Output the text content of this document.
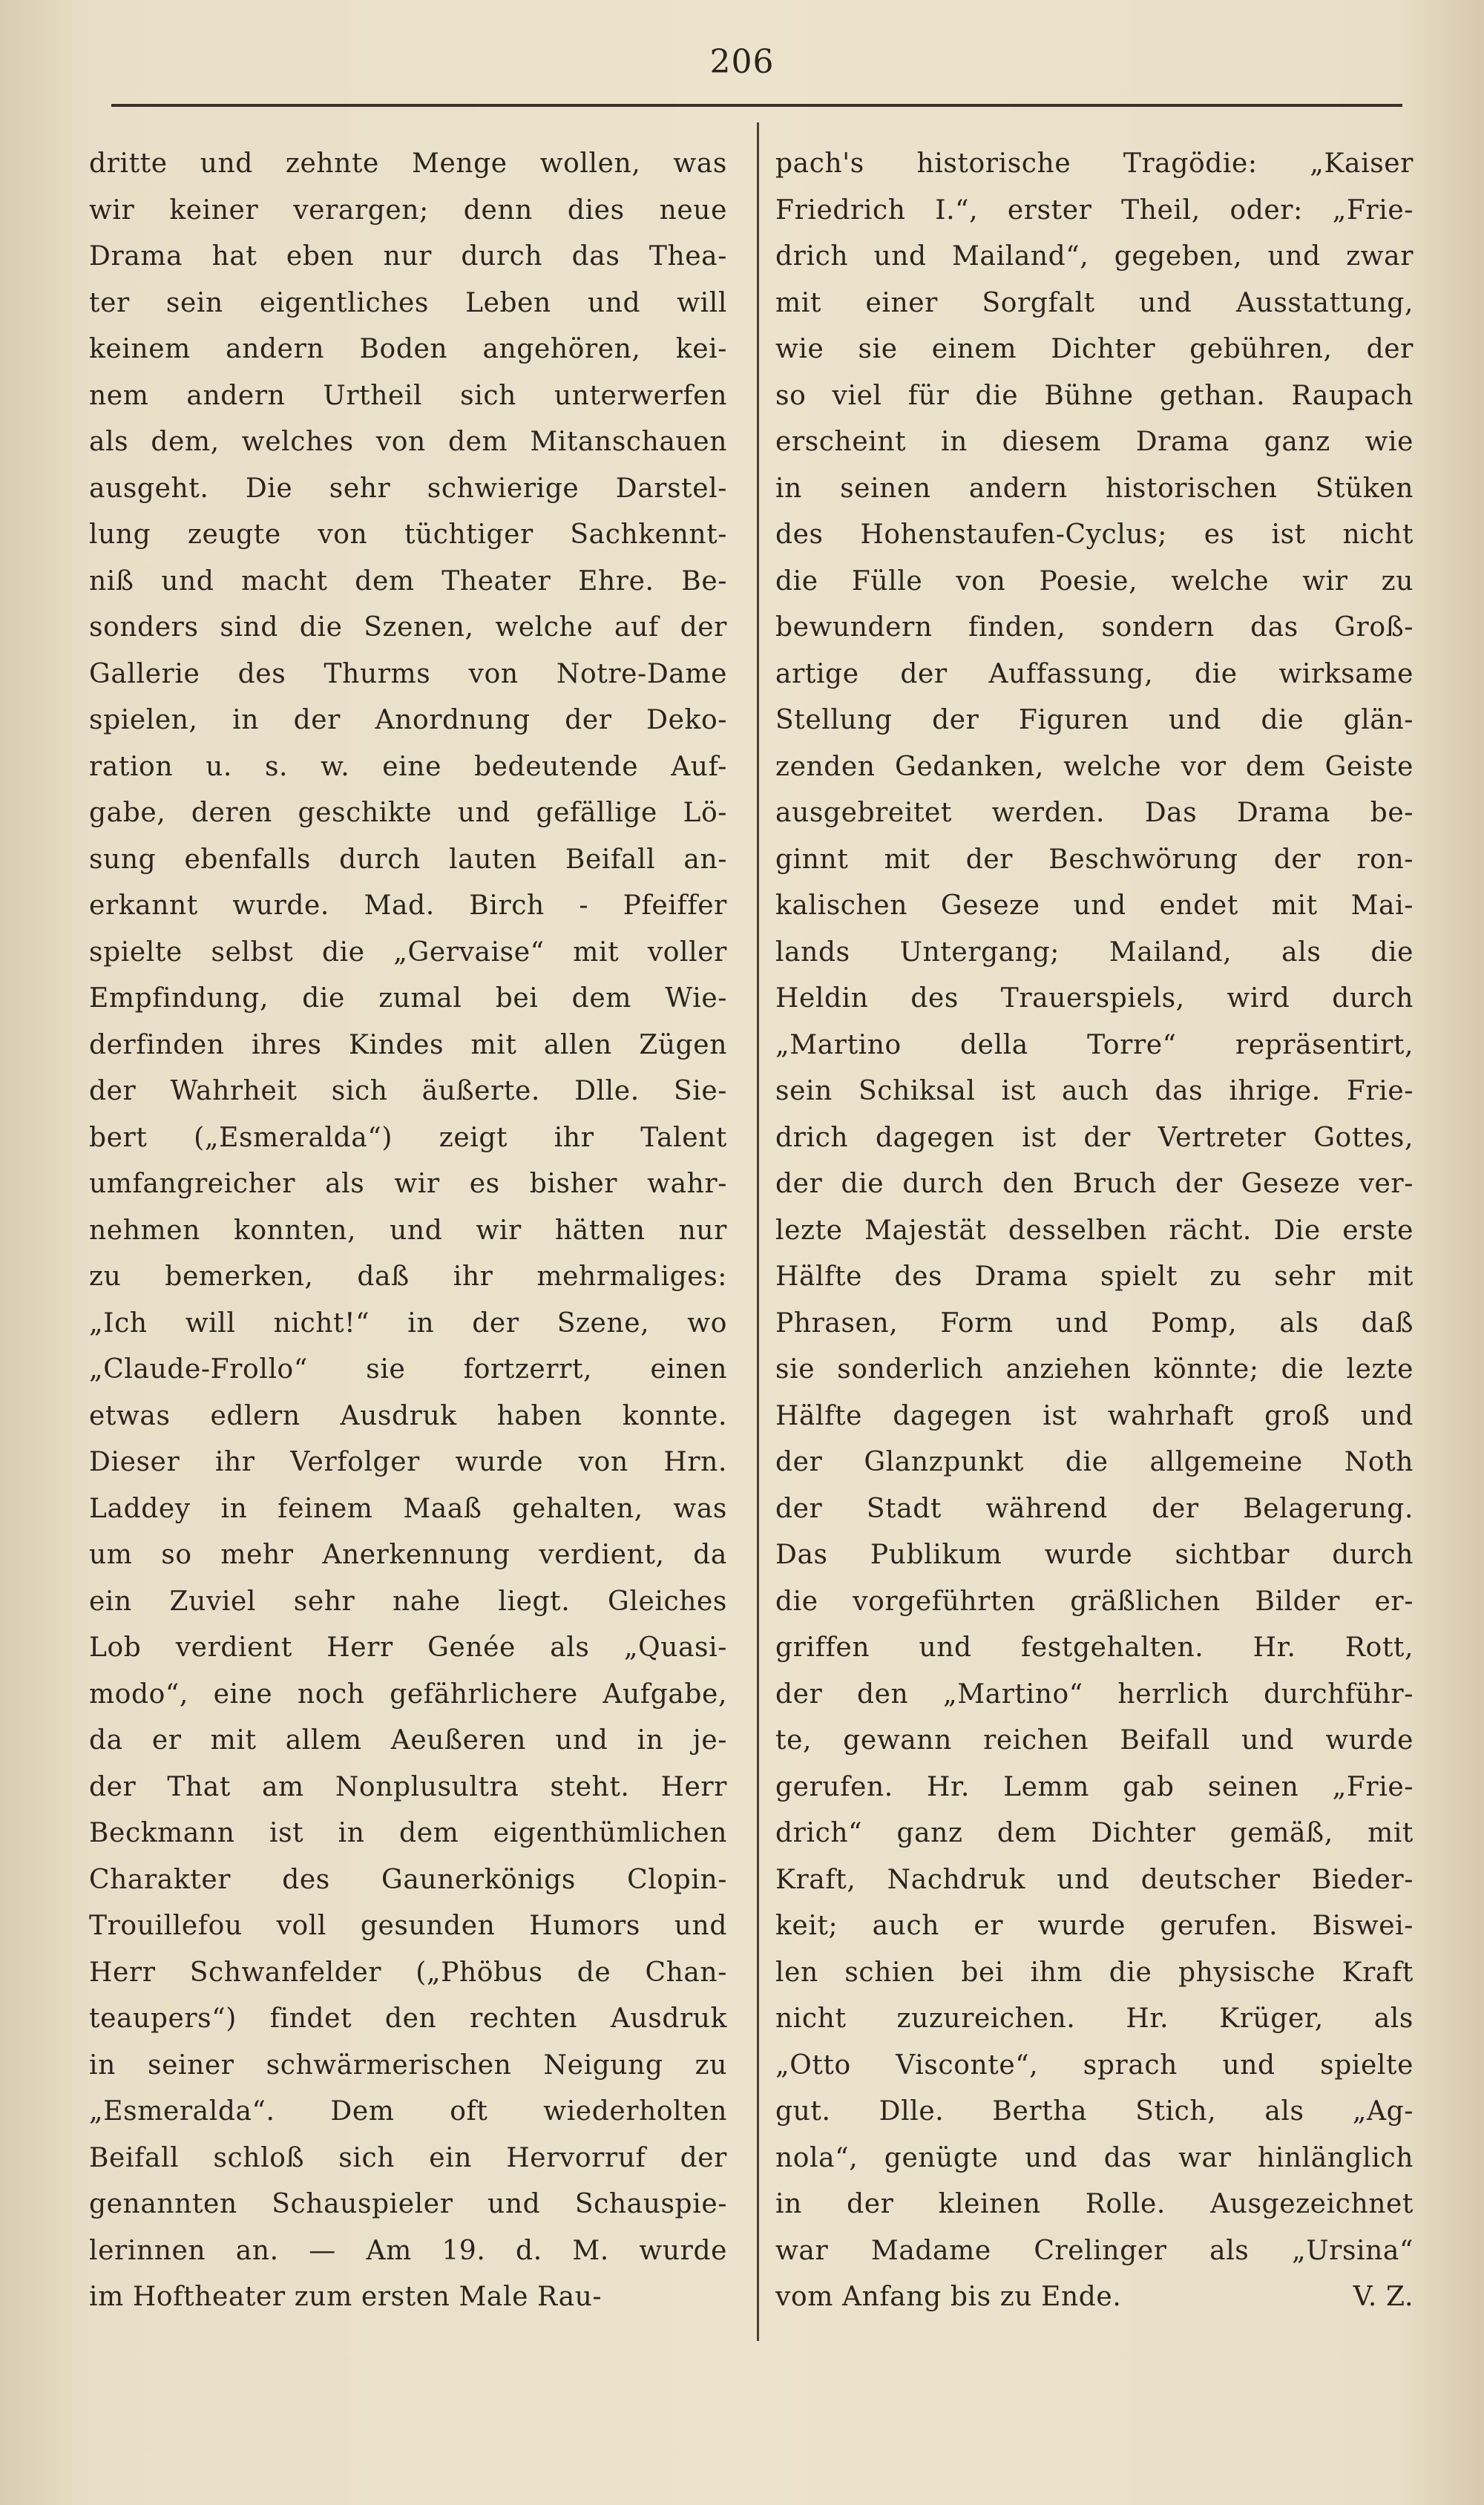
206
dritte und zehnte Menge wollen, was
wir keiner verargen; denn dies neue
Drama hat eben nur durch das Thea-
ter sein eigentliches Leben und will
keinem andern Boden angehören, kei-
nem andern Urtheil sich unterwerfen
als dem, welches von dem Mitanschauen
ausgeht. Die sehr schwierige Darstel-
lung zeugte von tüchtiger Sachkennt-
niß und macht dem Theater Ehre. Be-
sonders sind die Szenen, welche auf der
Gallerie des Thurms von Notre-Dame
spielen, in der Anordnung der Deko-
ration u. s. w. eine bedeutende Auf-
gabe, deren geschikte und gefällige Lö-
sung ebenfalls durch lauten Beifall an-
erkannt wurde. Mad. Birch - Pfeiffer
spielte selbst die „Gervaise“ mit voller
Empfindung, die zumal bei dem Wie-
derfinden ihres Kindes mit allen Zügen
der Wahrheit sich äußerte. Dlle. Sie-
bert („Esmeralda“) zeigt ihr Talent
umfangreicher als wir es bisher wahr-
nehmen konnten, und wir hätten nur
zu bemerken, daß ihr mehrmaliges:
„Ich will nicht!“ in der Szene, wo
„Claude-Frollo“ sie fortzerrt, einen
etwas edlern Ausdruk haben konnte.
Dieser ihr Verfolger wurde von Hrn.
Laddey in feinem Maaß gehalten, was
um so mehr Anerkennung verdient, da
ein Zuviel sehr nahe liegt. Gleiches
Lob verdient Herr Genée als „Quasi-
modo“, eine noch gefährlichere Aufgabe,
da er mit allem Aeußeren und in je-
der That am Nonplusultra steht. Herr
Beckmann ist in dem eigenthümlichen
Charakter des Gaunerkönigs Clopin-
Trouillefou voll gesunden Humors und
Herr Schwanfelder („Phöbus de Chan-
teaupers“) findet den rechten Ausdruk
in seiner schwärmerischen Neigung zu
„Esmeralda“. Dem oft wiederholten
Beifall schloß sich ein Hervorruf der
genannten Schauspieler und Schauspie-
lerinnen an. — Am 19. d. M. wurde
im Hoftheater zum ersten Male Rau-
pach's historische Tragödie: „Kaiser
Friedrich I.“, erster Theil, oder: „Frie-
drich und Mailand“, gegeben, und zwar
mit einer Sorgfalt und Ausstattung,
wie sie einem Dichter gebühren, der
so viel für die Bühne gethan. Raupach
erscheint in diesem Drama ganz wie
in seinen andern historischen Stüken
des Hohenstaufen-Cyclus; es ist nicht
die Fülle von Poesie, welche wir zu
bewundern finden, sondern das Groß-
artige der Auffassung, die wirksame
Stellung der Figuren und die glän-
zenden Gedanken, welche vor dem Geiste
ausgebreitet werden. Das Drama be-
ginnt mit der Beschwörung der ron-
kalischen Geseze und endet mit Mai-
lands Untergang; Mailand, als die
Heldin des Trauerspiels, wird durch
„Martino della Torre“ repräsentirt,
sein Schiksal ist auch das ihrige. Frie-
drich dagegen ist der Vertreter Gottes,
der die durch den Bruch der Geseze ver-
lezte Majestät desselben rächt. Die erste
Hälfte des Drama spielt zu sehr mit
Phrasen, Form und Pomp, als daß
sie sonderlich anziehen könnte; die lezte
Hälfte dagegen ist wahrhaft groß und
der Glanzpunkt die allgemeine Noth
der Stadt während der Belagerung.
Das Publikum wurde sichtbar durch
die vorgeführten gräßlichen Bilder er-
griffen und festgehalten. Hr. Rott,
der den „Martino“ herrlich durchführ-
te, gewann reichen Beifall und wurde
gerufen. Hr. Lemm gab seinen „Frie-
drich“ ganz dem Dichter gemäß, mit
Kraft, Nachdruk und deutscher Bieder-
keit; auch er wurde gerufen. Biswei-
len schien bei ihm die physische Kraft
nicht zuzureichen. Hr. Krüger, als
„Otto Visconte“, sprach und spielte
gut. Dlle. Bertha Stich, als „Ag-
nola“, genügte und das war hinlänglich
in der kleinen Rolle. Ausgezeichnet
war Madame Crelinger als „Ursina“
vom Anfang bis zu Ende.	V. Z.
